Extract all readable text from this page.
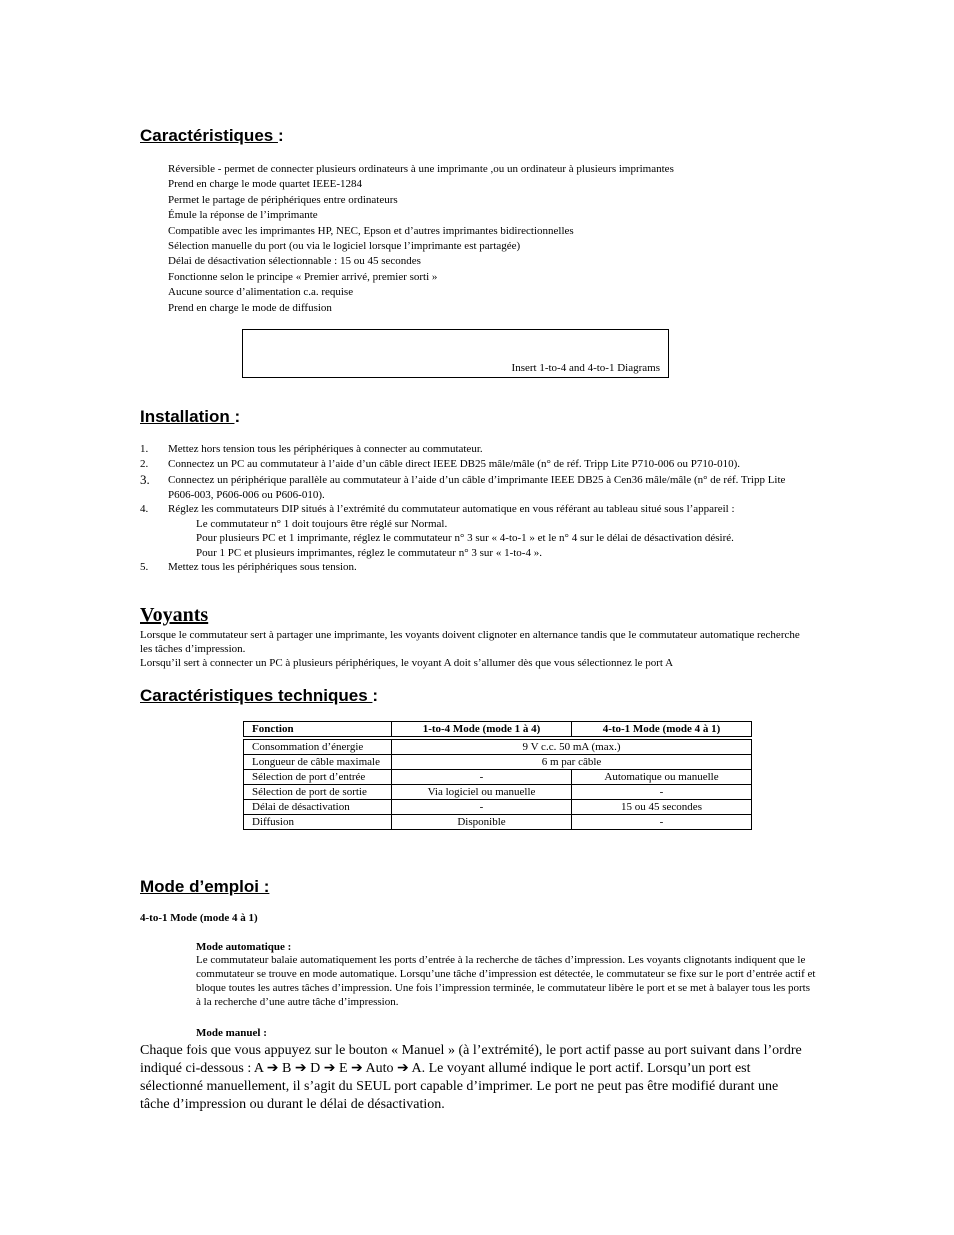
Caractéristiques :
Réversible - permet de connecter plusieurs ordinateurs à une imprimante ,ou un ordinateur à plusieurs imprimantes
Prend en charge le mode quartet IEEE-1284
Permet le partage de périphériques entre ordinateurs
Émule la réponse de l’imprimante
Compatible avec les imprimantes HP, NEC, Epson et d’autres imprimantes bidirectionnelles
Sélection manuelle du port (ou via le logiciel lorsque l’imprimante est partagée)
Délai de désactivation sélectionnable : 15 ou 45 secondes
Fonctionne selon le principe « Premier arrivé, premier sorti »
Aucune source d’alimentation c.a. requise
Prend en charge le mode de diffusion
Insert 1-to-4 and 4-to-1 Diagrams
Installation :
1. Mettez hors tension tous les périphériques à connecter au commutateur.
2. Connectez un PC au commutateur à l’aide d’un câble direct IEEE DB25 mâle/mâle (n° de réf. Tripp Lite P710-006 ou P710-010).
3. Connectez un périphérique parallèle au commutateur à l’aide d’un câble d’imprimante IEEE DB25 à Cen36 mâle/mâle (n° de réf. Tripp Lite P606-003, P606-006 ou P606-010).
4. Réglez les commutateurs DIP situés à l’extrémité du commutateur automatique en vous référant au tableau situé sous l’appareil :
Le commutateur n° 1 doit toujours être réglé sur Normal.
Pour plusieurs PC et 1 imprimante, réglez le commutateur n° 3 sur « 4-to-1 » et le n° 4 sur le délai de désactivation désiré.
Pour 1 PC et plusieurs imprimantes, réglez le commutateur n° 3 sur « 1-to-4 ».
5. Mettez tous les périphériques sous tension.
Voyants
Lorsque le commutateur sert à partager une imprimante, les voyants doivent clignoter en alternance tandis que le commutateur automatique recherche les tâches d’impression.
Lorsqu’il sert à connecter un PC à plusieurs périphériques, le voyant A doit s’allumer dès que vous sélectionnez le port A
Caractéristiques techniques :
Fonction	1-to-4 Mode (mode 1 à 4)	4-to-1 Mode (mode 4 à 1)

Consommation d’énergie	9 V c.c. 50 mA (max.)	
Longueur de câble maximale	6 m par câble	
Sélection de port d’entrée	-	Automatique ou manuelle
Sélection de port de sortie	Via logiciel ou manuelle	-
Délai de désactivation	-	15 ou 45 secondes
Diffusion	Disponible	-
Mode d’emploi :
4-to-1 Mode (mode 4 à 1)
Mode automatique :
Le commutateur balaie automatiquement les ports d’entrée à la recherche de tâches d’impression. Les voyants clignotants indiquent que le commutateur se trouve en mode automatique. Lorsqu’une tâche d’impression est détectée, le commutateur se fixe sur le port d’entrée actif et bloque toutes les autres tâches d’impression. Une fois l’impression terminée, le commutateur libère le port et se met à balayer tous les ports à la recherche d’une autre tâche d’impression.
Mode manuel :
Chaque fois que vous appuyez sur le bouton « Manuel » (à l’extrémité), le port actif passe au port suivant dans l’ordre indiqué ci-dessous : A ➔ B ➔ D ➔ E ➔ Auto ➔ A. Le voyant allumé indique le port actif. Lorsqu’un port est sélectionné manuellement, il s’agit du SEUL port capable d’imprimer. Le port ne peut pas être modifié durant une tâche d’impression ou durant le délai de désactivation.
